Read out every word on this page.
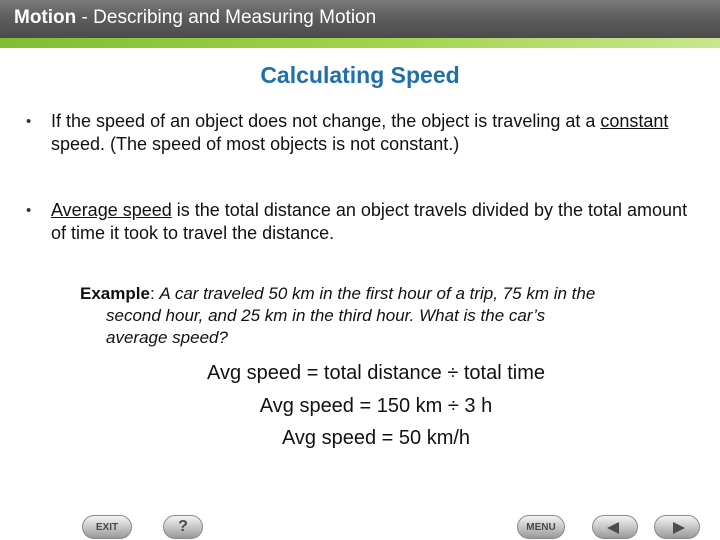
Motion - Describing and Measuring Motion
Calculating Speed
• If the speed of an object does not change, the object is traveling at a constant speed. (The speed of most objects is not constant.)
• Average speed is the total distance an object travels divided by the total amount of time it took to travel the distance.
Example: A car traveled 50 km in the first hour of a trip, 75 km in the
second hour, and 25 km in the third hour. What is the car’s
average speed?
Avg speed = total distance ÷ total time
Avg speed = 150 km ÷ 3 h
Avg speed = 50 km/h
EXIT	?	MENU
